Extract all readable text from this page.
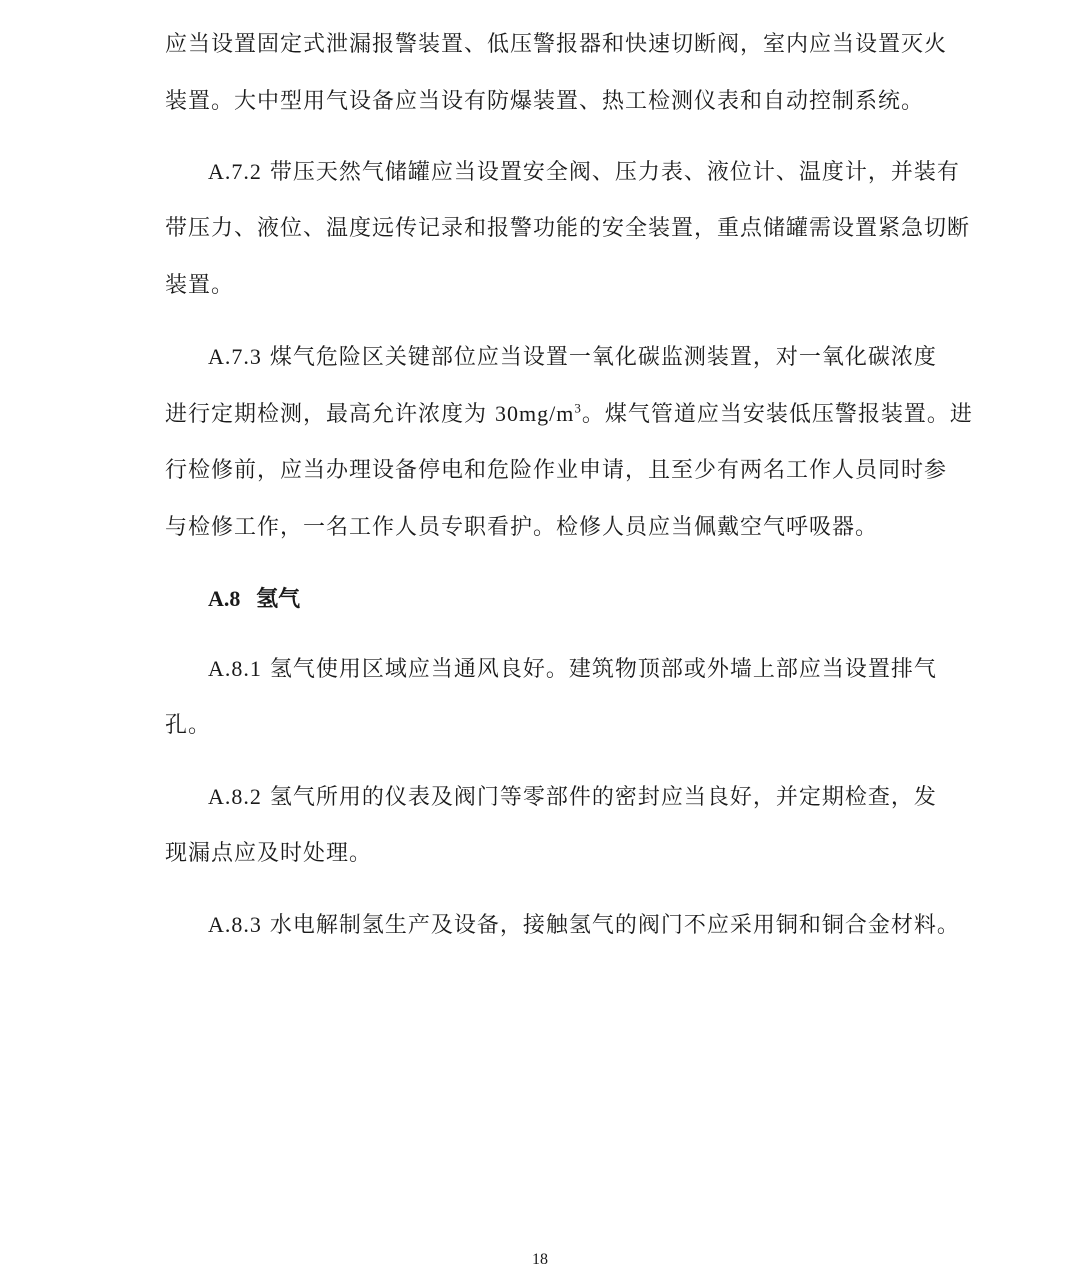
应当设置固定式泄漏报警装置、低压警报器和快速切断阀，室内应当设置灭火
装置。大中型用气设备应当设有防爆装置、热工检测仪表和自动控制系统。
A.7.2 带压天然气储罐应当设置安全阀、压力表、液位计、温度计，并装有
带压力、液位、温度远传记录和报警功能的安全装置，重点储罐需设置紧急切断
装置。
A.7.3 煤气危险区关键部位应当设置一氧化碳监测装置，对一氧化碳浓度
进行定期检测，最高允许浓度为 $30mg/m^3$。煤气管道应当安装低压警报装置。进
行检修前，应当办理设备停电和危险作业申请，且至少有两名工作人员同时参
与检修工作，一名工作人员专职看护。检修人员应当佩戴空气呼吸器。
A.8 氢气
A.8.1 氢气使用区域应当通风良好。建筑物顶部或外墙上部应当设置排气
孔。
A.8.2 氢气所用的仪表及阀门等零部件的密封应当良好，并定期检查，发
现漏点应及时处理。
A.8.3 水电解制氢生产及设备，接触氢气的阀门不应采用铜和铜合金材料。
18
